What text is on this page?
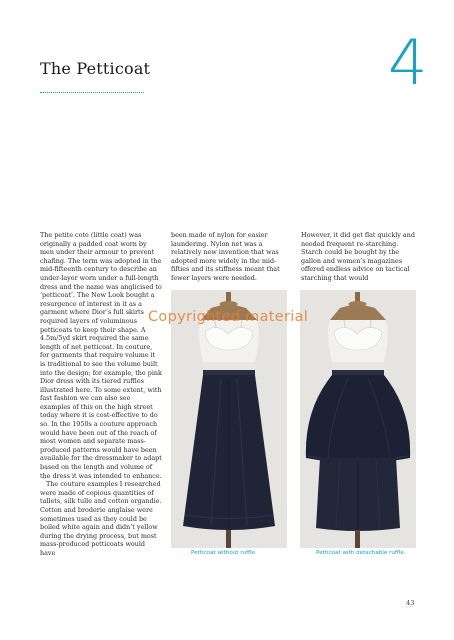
The Petticoat	4

The petite cote (little coat) was originally a padded coat worn by men under their armour to prevent chafing. The term was adopted in the mid-fifteenth century to describe an under-layer worn under a full-length dress and the name was anglicised to ‘petticoat’. The New Look bought a resurgence of interest in it as a garment where Dior’s full skirts required layers of voluminous petticoats to keep their shape. A 4.5m/5yd skirt required the same length of net petticoat. In couture, for garments that require volume it is traditional to see the volume built into the design; for example, the pink Dior dress with its tiered ruffles illustrated here. To some extent, with fast fashion we can also see examples of this on the high street today where it is cost-effective to do so. In the 1950s a couture approach would have been out of the reach of most women and separate mass-produced patterns would have been available for the dressmaker to adapt based on the length and volume of the dress it was intended to enhance.

The couture examples I researched were made of copious quantities of tallets, silk tulle and cotton organdie. Cotton and broderie anglaise were sometimes used as they could be boiled white again and didn’t yellow during the drying process, but most mass-produced petticoats would have

been made of nylon for easier laundering. Nylon net was a relatively new invention that was adopted more widely in the mid-fifties and its stiffness meant that fewer layers were needed.

However, it did get flat quickly and needed frequent re-starching. Starch could be bought by the gallon and women’s magazines offered endless advice on tactical starching that would

Petticoat without ruffle.	Petticoat with detachable ruffle.
Copyrighted material
43
